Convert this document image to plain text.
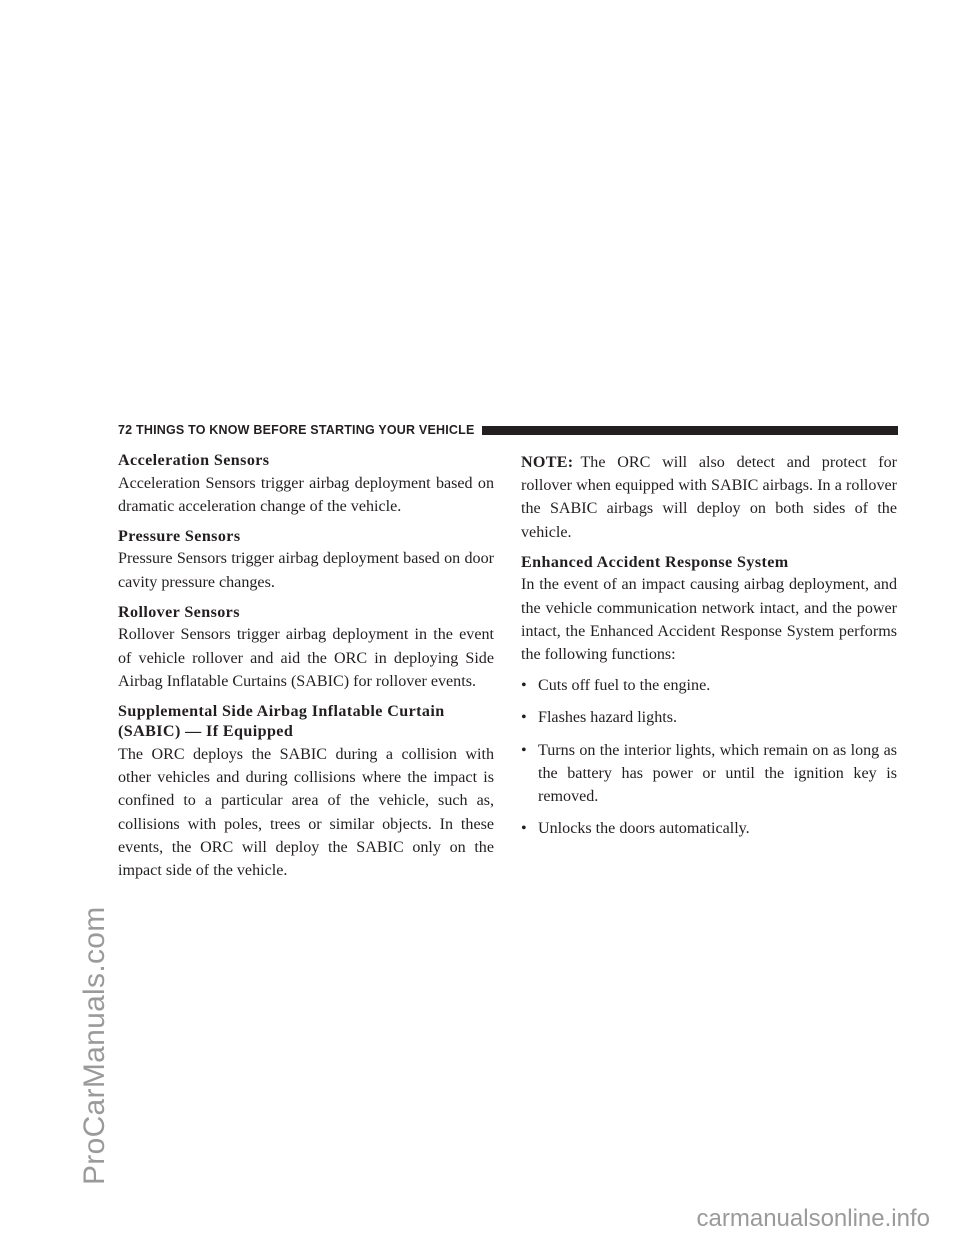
ProCarManuals.com
72 THINGS TO KNOW BEFORE STARTING YOUR VEHICLE
Acceleration Sensors

Acceleration Sensors trigger airbag deployment based on dramatic acceleration change of the vehicle.

Pressure Sensors

Pressure Sensors trigger airbag deployment based on door cavity pressure changes.

Rollover Sensors

Rollover Sensors trigger airbag deployment in the event of vehicle rollover and aid the ORC in deploying Side Airbag Inflatable Curtains (SABIC) for rollover events.

Supplemental Side Airbag Inflatable Curtain
(SABIC) — If Equipped

The ORC deploys the SABIC during a collision with other vehicles and during collisions where the impact is confined to a particular area of the vehicle, such as, collisions with poles, trees or similar objects. In these events, the ORC will deploy the SABIC only on the impact side of the vehicle.

NOTE: The ORC will also detect and protect for rollover when equipped with SABIC airbags. In a rollover the SABIC airbags will deploy on both sides of the vehicle.

Enhanced Accident Response System

In the event of an impact causing airbag deployment, and the vehicle communication network intact, and the power intact, the Enhanced Accident Response System performs the following functions:

• Cuts off fuel to the engine.
• Flashes hazard lights.
• Turns on the interior lights, which remain on as long as the battery has power or until the ignition key is removed.
• Unlocks the doors automatically.
carmanualsonline.info
